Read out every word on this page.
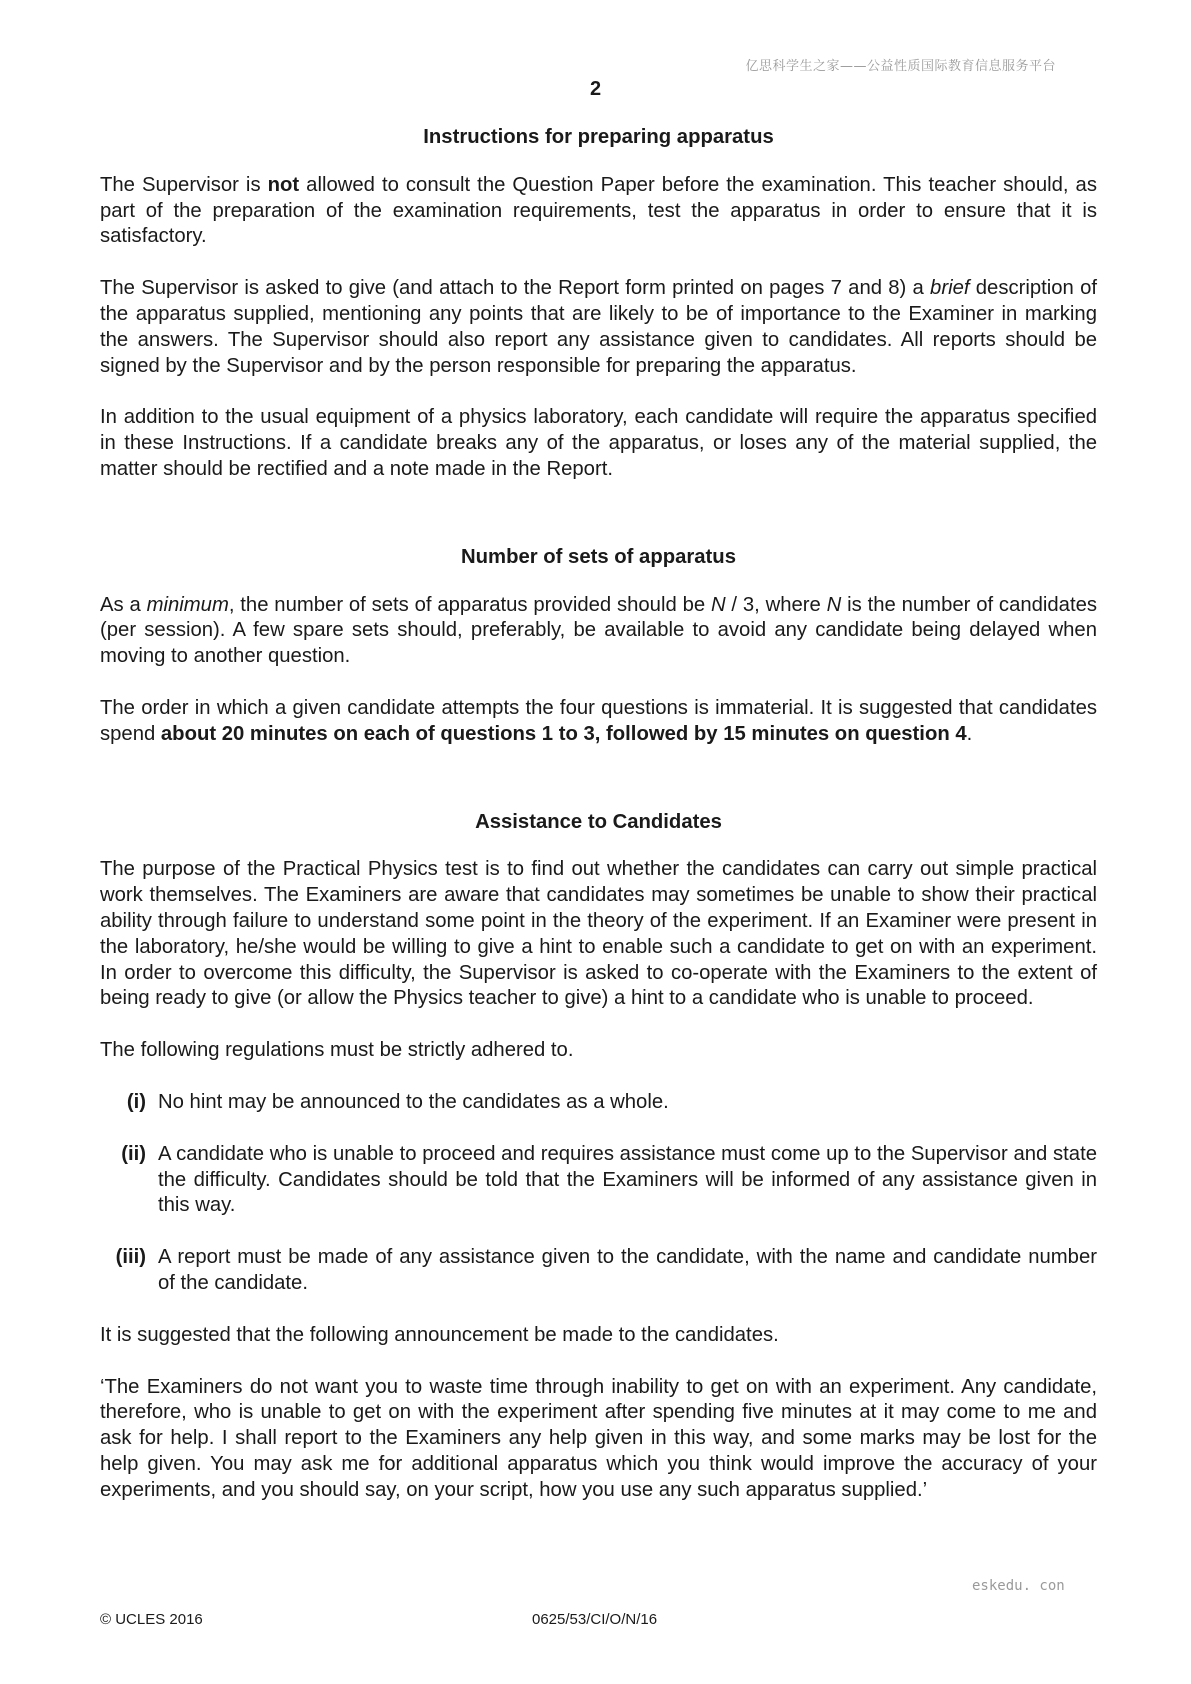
亿思科学生之家——公益性质国际教育信息服务平台
2
Instructions for preparing apparatus
The Supervisor is not allowed to consult the Question Paper before the examination. This teacher should, as part of the preparation of the examination requirements, test the apparatus in order to ensure that it is satisfactory.
The Supervisor is asked to give (and attach to the Report form printed on pages 7 and 8) a brief description of the apparatus supplied, mentioning any points that are likely to be of importance to the Examiner in marking the answers. The Supervisor should also report any assistance given to candidates. All reports should be signed by the Supervisor and by the person responsible for preparing the apparatus.
In addition to the usual equipment of a physics laboratory, each candidate will require the apparatus specified in these Instructions. If a candidate breaks any of the apparatus, or loses any of the material supplied, the matter should be rectified and a note made in the Report.
Number of sets of apparatus
As a minimum, the number of sets of apparatus provided should be N / 3, where N is the number of candidates (per session). A few spare sets should, preferably, be available to avoid any candidate being delayed when moving to another question.
The order in which a given candidate attempts the four questions is immaterial. It is suggested that candidates spend about 20 minutes on each of questions 1 to 3, followed by 15 minutes on question 4.
Assistance to Candidates
The purpose of the Practical Physics test is to find out whether the candidates can carry out simple practical work themselves. The Examiners are aware that candidates may sometimes be unable to show their practical ability through failure to understand some point in the theory of the experiment. If an Examiner were present in the laboratory, he/she would be willing to give a hint to enable such a candidate to get on with an experiment. In order to overcome this difficulty, the Supervisor is asked to co-operate with the Examiners to the extent of being ready to give (or allow the Physics teacher to give) a hint to a candidate who is unable to proceed.
The following regulations must be strictly adhered to.
(i) No hint may be announced to the candidates as a whole.
(ii) A candidate who is unable to proceed and requires assistance must come up to the Supervisor and state the difficulty. Candidates should be told that the Examiners will be informed of any assistance given in this way.
(iii) A report must be made of any assistance given to the candidate, with the name and candidate number of the candidate.
It is suggested that the following announcement be made to the candidates.
‘The Examiners do not want you to waste time through inability to get on with an experiment. Any candidate, therefore, who is unable to get on with the experiment after spending five minutes at it may come to me and ask for help. I shall report to the Examiners any help given in this way, and some marks may be lost for the help given. You may ask me for additional apparatus which you think would improve the accuracy of your experiments, and you should say, on your script, how you use any such apparatus supplied.’
eskedu. con
© UCLES 2016	0625/53/CI/O/N/16
